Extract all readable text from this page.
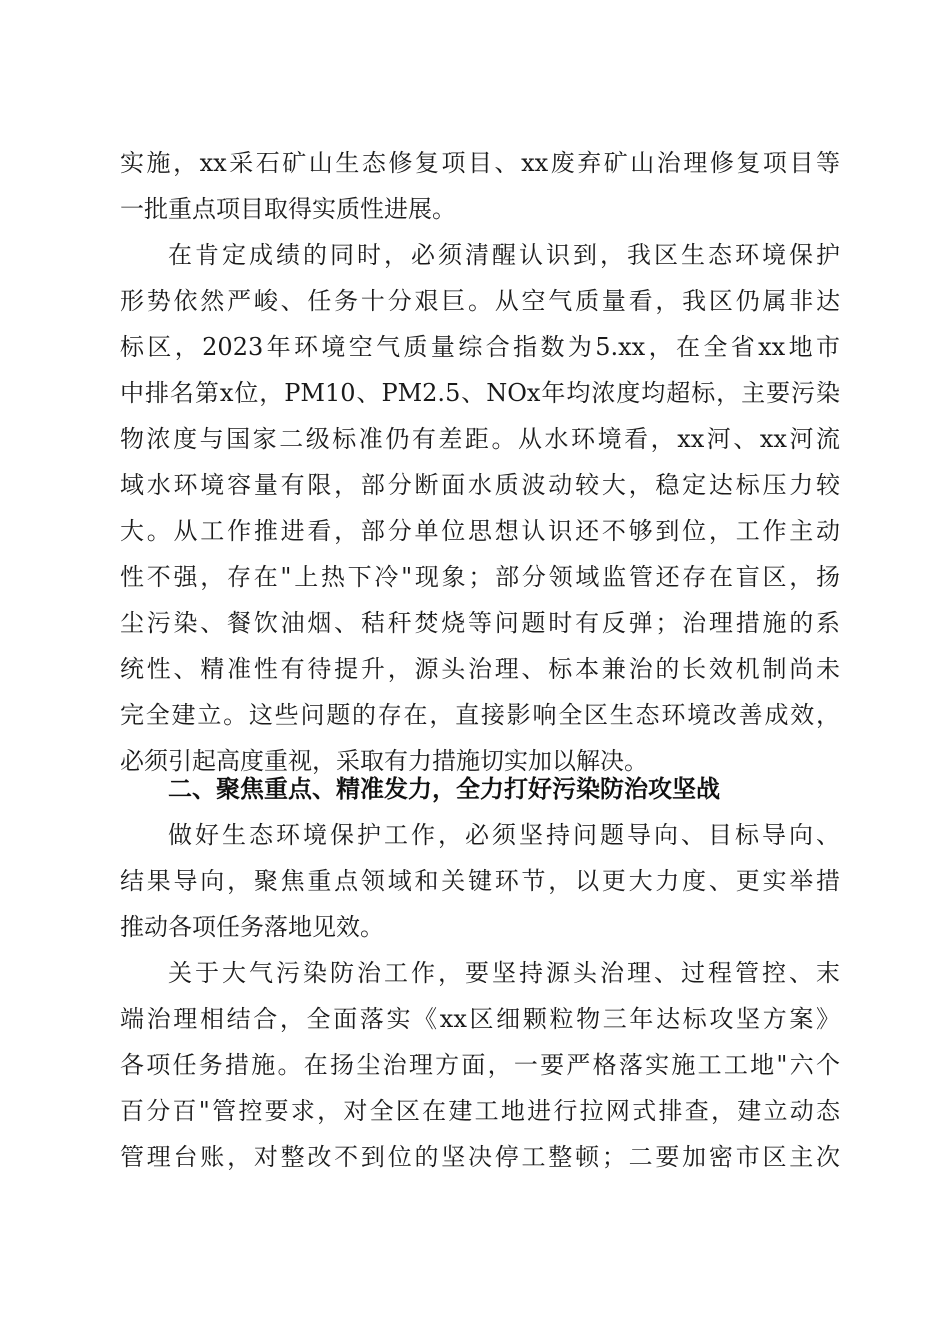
实施，xx采石矿山生态修复项目、xx废弃矿山治理修复项目等
一批重点项目取得实质性进展。
在肯定成绩的同时，必须清醒认识到，我区生态环境保护
形势依然严峻、任务十分艰巨。从空气质量看，我区仍属非达
标区，2023年环境空气质量综合指数为5.xx，在全省xx地市
中排名第x位，PM10、PM2.5、NOx年均浓度均超标，主要污染
物浓度与国家二级标准仍有差距。从水环境看，xx河、xx河流
域水环境容量有限，部分断面水质波动较大，稳定达标压力较
大。从工作推进看，部分单位思想认识还不够到位，工作主动
性不强，存在"上热下冷"现象；部分领域监管还存在盲区，扬
尘污染、餐饮油烟、秸秆焚烧等问题时有反弹；治理措施的系
统性、精准性有待提升，源头治理、标本兼治的长效机制尚未
完全建立。这些问题的存在，直接影响全区生态环境改善成效，
必须引起高度重视，采取有力措施切实加以解决。
二、聚焦重点、精准发力，全力打好污染防治攻坚战
做好生态环境保护工作，必须坚持问题导向、目标导向、
结果导向，聚焦重点领域和关键环节，以更大力度、更实举措
推动各项任务落地见效。
关于大气污染防治工作，要坚持源头治理、过程管控、末
端治理相结合，全面落实《xx区细颗粒物三年达标攻坚方案》
各项任务措施。在扬尘治理方面，一要严格落实施工工地"六个
百分百"管控要求，对全区在建工地进行拉网式排查，建立动态
管理台账，对整改不到位的坚决停工整顿；二要加密市区主次
